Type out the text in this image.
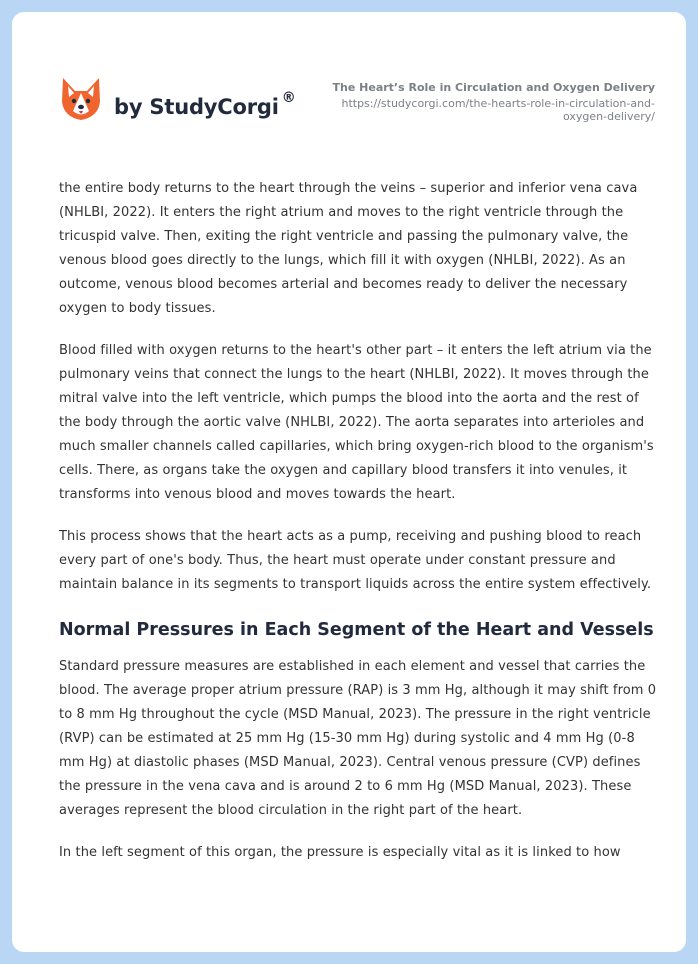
by StudyCorgi ®
The Heart’s Role in Circulation and Oxygen Delivery
https://studycorgi.com/the-hearts-role-in-circulation-and-oxygen-delivery/

the entire body returns to the heart through the veins – superior and inferior vena cava (NHLBI, 2022). It enters the right atrium and moves to the right ventricle through the tricuspid valve. Then, exiting the right ventricle and passing the pulmonary valve, the venous blood goes directly to the lungs, which fill it with oxygen (NHLBI, 2022). As an outcome, venous blood becomes arterial and becomes ready to deliver the necessary oxygen to body tissues.

Blood filled with oxygen returns to the heart's other part – it enters the left atrium via the pulmonary veins that connect the lungs to the heart (NHLBI, 2022). It moves through the mitral valve into the left ventricle, which pumps the blood into the aorta and the rest of the body through the aortic valve (NHLBI, 2022). The aorta separates into arterioles and much smaller channels called capillaries, which bring oxygen-rich blood to the organism's cells. There, as organs take the oxygen and capillary blood transfers it into venules, it transforms into venous blood and moves towards the heart.

This process shows that the heart acts as a pump, receiving and pushing blood to reach every part of one's body. Thus, the heart must operate under constant pressure and maintain balance in its segments to transport liquids across the entire system effectively.

Normal Pressures in Each Segment of the Heart and Vessels

Standard pressure measures are established in each element and vessel that carries the blood. The average proper atrium pressure (RAP) is 3 mm Hg, although it may shift from 0 to 8 mm Hg throughout the cycle (MSD Manual, 2023). The pressure in the right ventricle (RVP) can be estimated at 25 mm Hg (15-30 mm Hg) during systolic and 4 mm Hg (0-8 mm Hg) at diastolic phases (MSD Manual, 2023). Central venous pressure (CVP) defines the pressure in the vena cava and is around 2 to 6 mm Hg (MSD Manual, 2023). These averages represent the blood circulation in the right part of the heart.

In the left segment of this organ, the pressure is especially vital as it is linked to how
